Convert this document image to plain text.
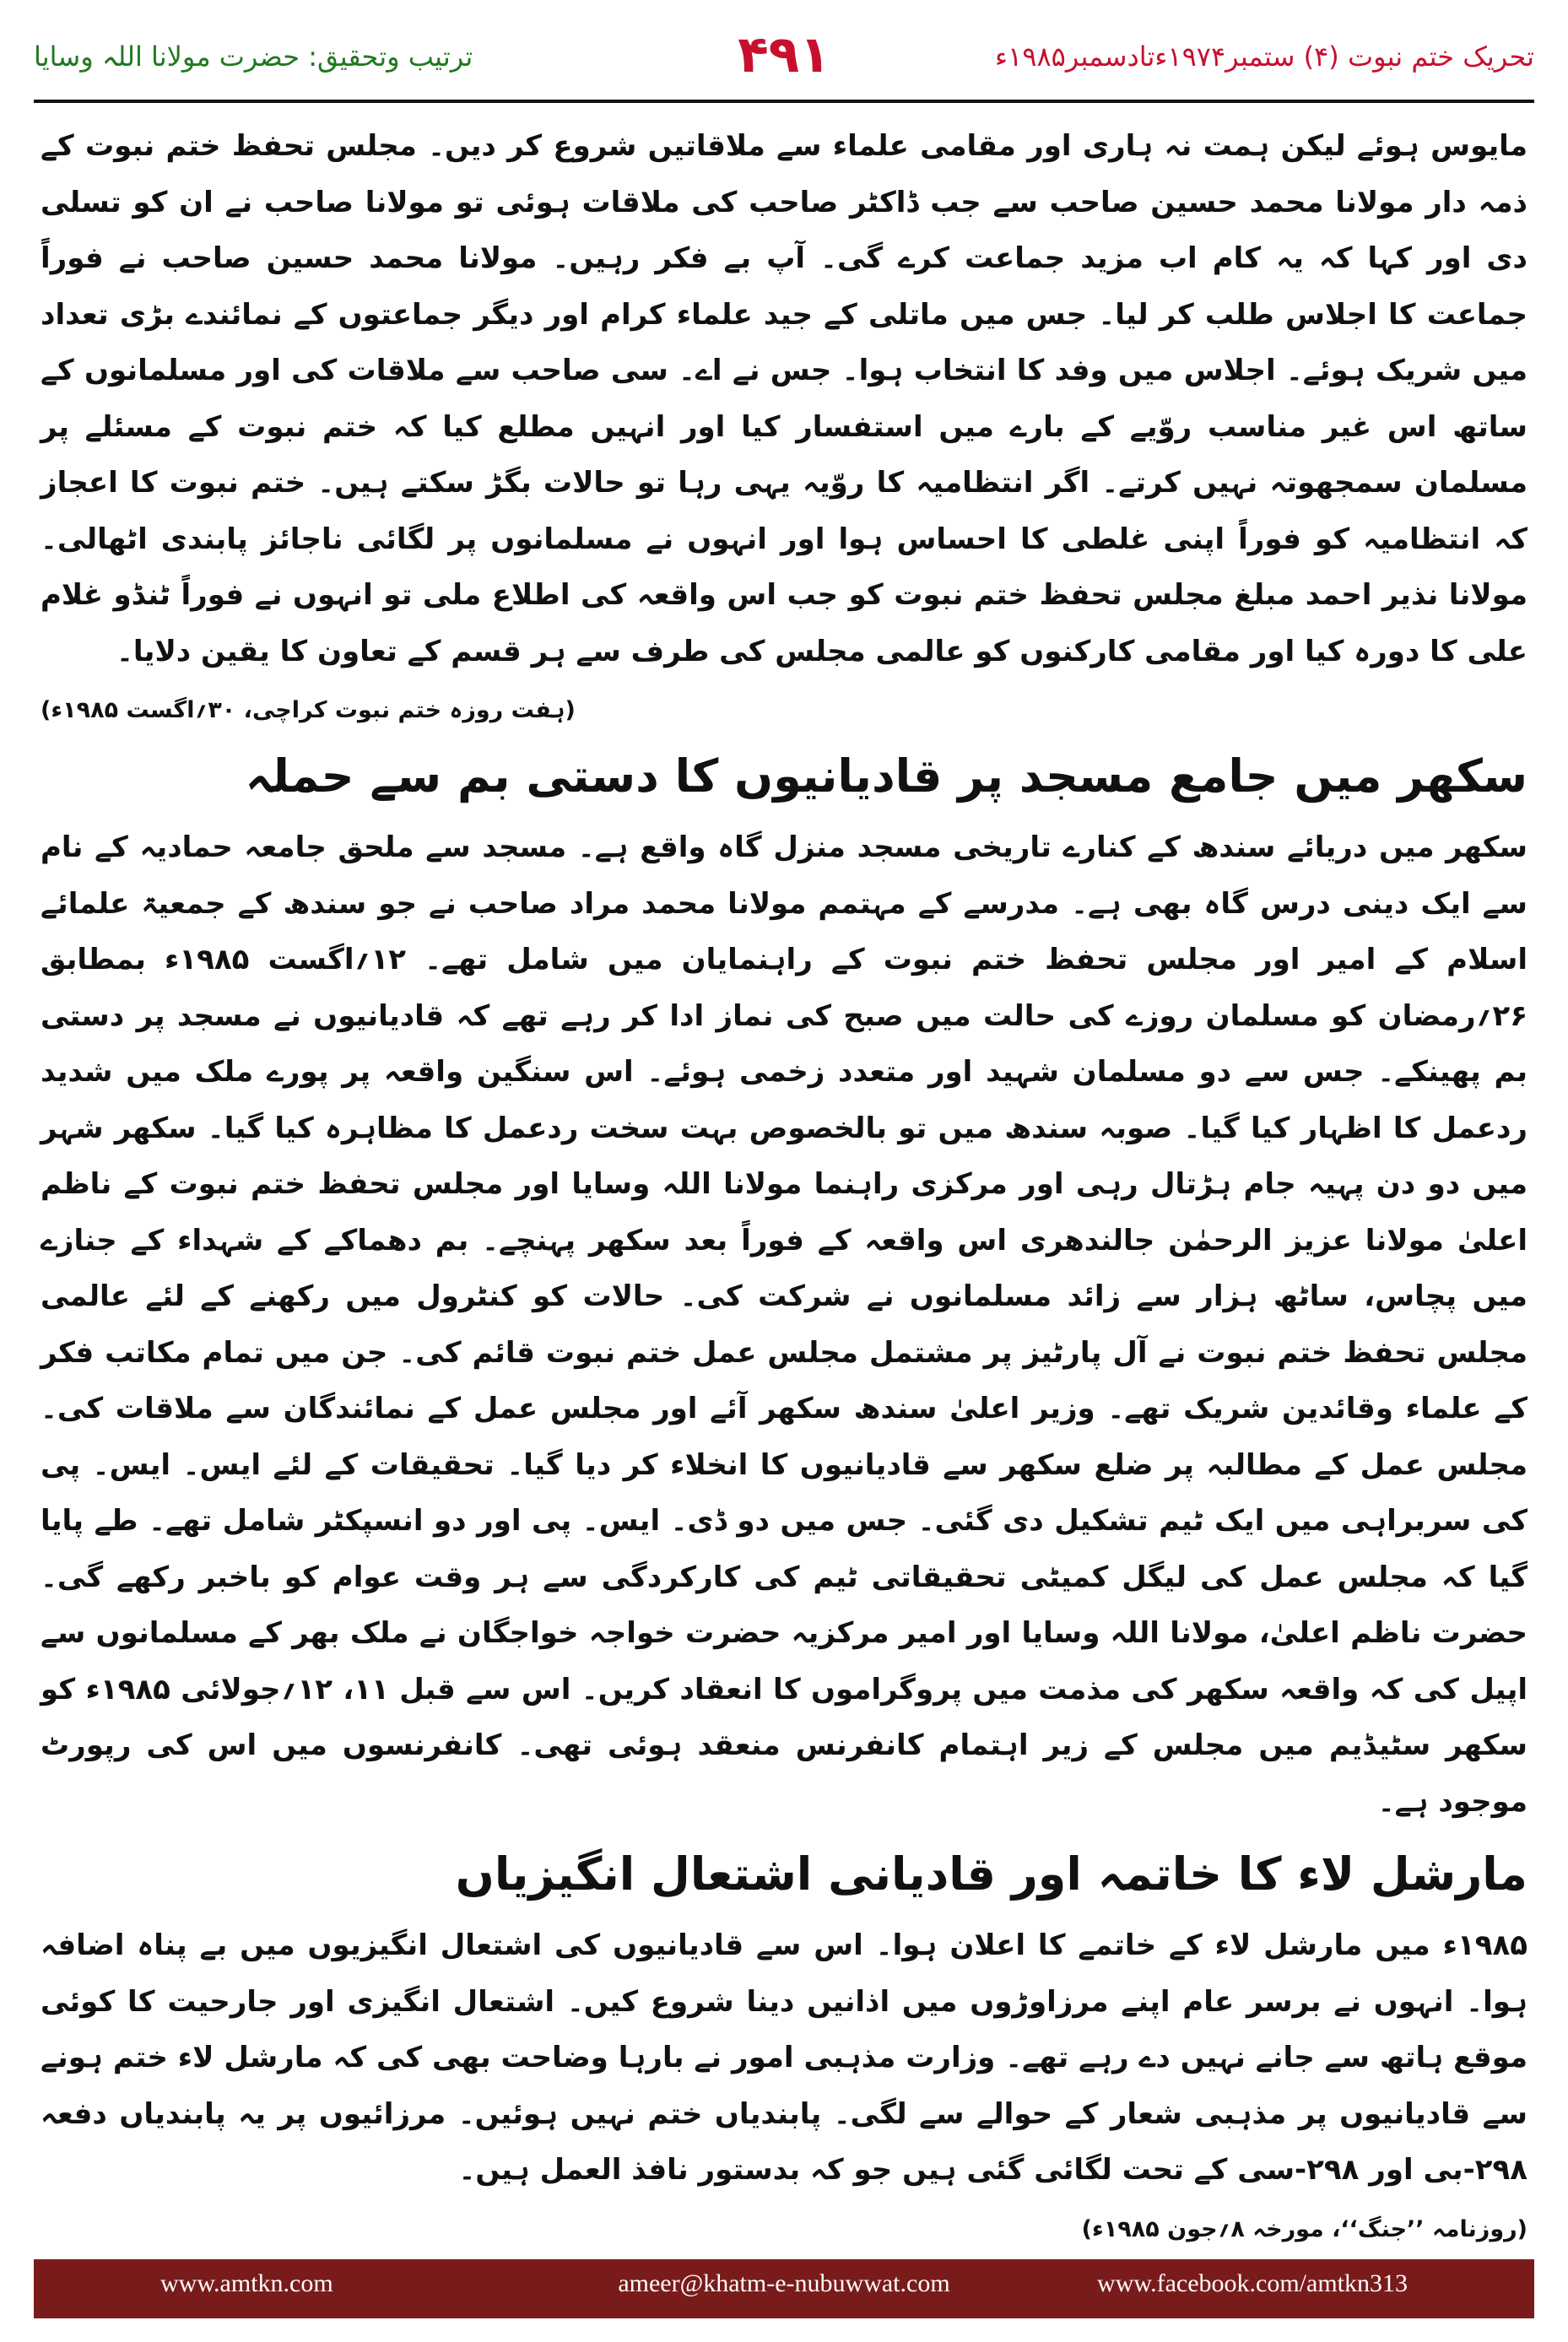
ترتیب وتحقیق: حضرت مولانا اللہ وسایا	۴۹۱	تحریک ختم نبوت (۴) ستمبر۱۹۷۴ءتادسمبر۱۹۸۵ء

مایوس ہوئے لیکن ہمت نہ ہاری اور مقامی علماء سے ملاقاتیں شروع کر دیں۔ مجلس تحفظ ختم نبوت کے ذمہ دار مولانا محمد حسین صاحب سے جب ڈاکٹر صاحب کی ملاقات ہوئی تو مولانا صاحب نے ان کو تسلی دی اور کہا کہ یہ کام اب مزید جماعت کرے گی۔ آپ بے فکر رہیں۔ مولانا محمد حسین صاحب نے فوراً جماعت کا اجلاس طلب کر لیا۔ جس میں ماتلی کے جید علماء کرام اور دیگر جماعتوں کے نمائندے بڑی تعداد میں شریک ہوئے۔ اجلاس میں وفد کا انتخاب ہوا۔ جس نے اے۔ سی صاحب سے ملاقات کی اور مسلمانوں کے ساتھ اس غیر مناسب روّیے کے بارے میں استفسار کیا اور انہیں مطلع کیا کہ ختم نبوت کے مسئلے پر مسلمان سمجھوتہ نہیں کرتے۔ اگر انتظامیہ کا روّیہ یہی رہا تو حالات بگڑ سکتے ہیں۔ ختم نبوت کا اعجاز کہ انتظامیہ کو فوراً اپنی غلطی کا احساس ہوا اور انہوں نے مسلمانوں پر لگائی ناجائز پابندی اٹھالی۔ مولانا نذیر احمد مبلغ مجلس تحفظ ختم نبوت کو جب اس واقعہ کی اطلاع ملی تو انہوں نے فوراً ٹنڈو غلام علی کا دورہ کیا اور مقامی کارکنوں کو عالمی مجلس کی طرف سے ہر قسم کے تعاون کا یقین دلایا۔

(ہفت روزہ ختم نبوت کراچی، ۳۰؍اگست ۱۹۸۵ء)
سکھر میں جامع مسجد پر قادیانیوں کا دستی بم سے حملہ

سکھر میں دریائے سندھ کے کنارے تاریخی مسجد منزل گاہ واقع ہے۔ مسجد سے ملحق جامعہ حمادیہ کے نام سے ایک دینی درس گاہ بھی ہے۔ مدرسے کے مہتمم مولانا محمد مراد صاحب نے جو سندھ کے جمعیۃ علمائے اسلام کے امیر اور مجلس تحفظ ختم نبوت کے راہنمایان میں شامل تھے۔ ۱۲؍اگست ۱۹۸۵ء بمطابق ۲۶؍رمضان کو مسلمان روزے کی حالت میں صبح کی نماز ادا کر رہے تھے کہ قادیانیوں نے مسجد پر دستی بم پھینکے۔ جس سے دو مسلمان شہید اور متعدد زخمی ہوئے۔ اس سنگین واقعہ پر پورے ملک میں شدید ردعمل کا اظہار کیا گیا۔ صوبہ سندھ میں تو بالخصوص بہت سخت ردعمل کا مظاہرہ کیا گیا۔ سکھر شہر میں دو دن پہیہ جام ہڑتال رہی اور مرکزی راہنما مولانا اللہ وسایا اور مجلس تحفظ ختم نبوت کے ناظم اعلیٰ مولانا عزیز الرحمٰن جالندھری اس واقعہ کے فوراً بعد سکھر پہنچے۔ بم دھماکے کے شہداء کے جنازے میں پچاس، ساٹھ ہزار سے زائد مسلمانوں نے شرکت کی۔ حالات کو کنٹرول میں رکھنے کے لئے عالمی مجلس تحفظ ختم نبوت نے آل پارٹیز پر مشتمل مجلس عمل ختم نبوت قائم کی۔ جن میں تمام مکاتب فکر کے علماء وقائدین شریک تھے۔ وزیر اعلیٰ سندھ سکھر آئے اور مجلس عمل کے نمائندگان سے ملاقات کی۔ مجلس عمل کے مطالبہ پر ضلع سکھر سے قادیانیوں کا انخلاء کر دیا گیا۔ تحقیقات کے لئے ایس۔ ایس۔ پی کی سربراہی میں ایک ٹیم تشکیل دی گئی۔ جس میں دو ڈی۔ ایس۔ پی اور دو انسپکٹر شامل تھے۔ طے پایا گیا کہ مجلس عمل کی لیگل کمیٹی تحقیقاتی ٹیم کی کارکردگی سے ہر وقت عوام کو باخبر رکھے گی۔ حضرت ناظم اعلیٰ، مولانا اللہ وسایا اور امیر مرکزیہ حضرت خواجہ خواجگان نے ملک بھر کے مسلمانوں سے اپیل کی کہ واقعہ سکھر کی مذمت میں پروگراموں کا انعقاد کریں۔ اس سے قبل ۱۱، ۱۲؍جولائی ۱۹۸۵ء کو سکھر سٹیڈیم میں مجلس کے زیر اہتمام کانفرنس منعقد ہوئی تھی۔ کانفرنسوں میں اس کی رپورٹ موجود ہے۔

مارشل لاء کا خاتمہ اور قادیانی اشتعال انگیزیاں

۱۹۸۵ء میں مارشل لاء کے خاتمے کا اعلان ہوا۔ اس سے قادیانیوں کی اشتعال انگیزیوں میں بے پناہ اضافہ ہوا۔ انہوں نے برسر عام اپنے مرزاوڑوں میں اذانیں دینا شروع کیں۔ اشتعال انگیزی اور جارحیت کا کوئی موقع ہاتھ سے جانے نہیں دے رہے تھے۔ وزارت مذہبی امور نے بارہا وضاحت بھی کی کہ مارشل لاء ختم ہونے سے قادیانیوں پر مذہبی شعار کے حوالے سے لگی۔ پابندیاں ختم نہیں ہوئیں۔ مرزائیوں پر یہ پابندیاں دفعہ ۲۹۸-بی اور ۲۹۸-سی کے تحت لگائی گئی ہیں جو کہ بدستور نافذ العمل ہیں۔

(روزنامہ ’’جنگ‘‘، مورخہ ۸؍جون ۱۹۸۵ء)
www.amtkn.com	ameer@khatm-e-nubuwwat.com	www.facebook.com/amtkn313
